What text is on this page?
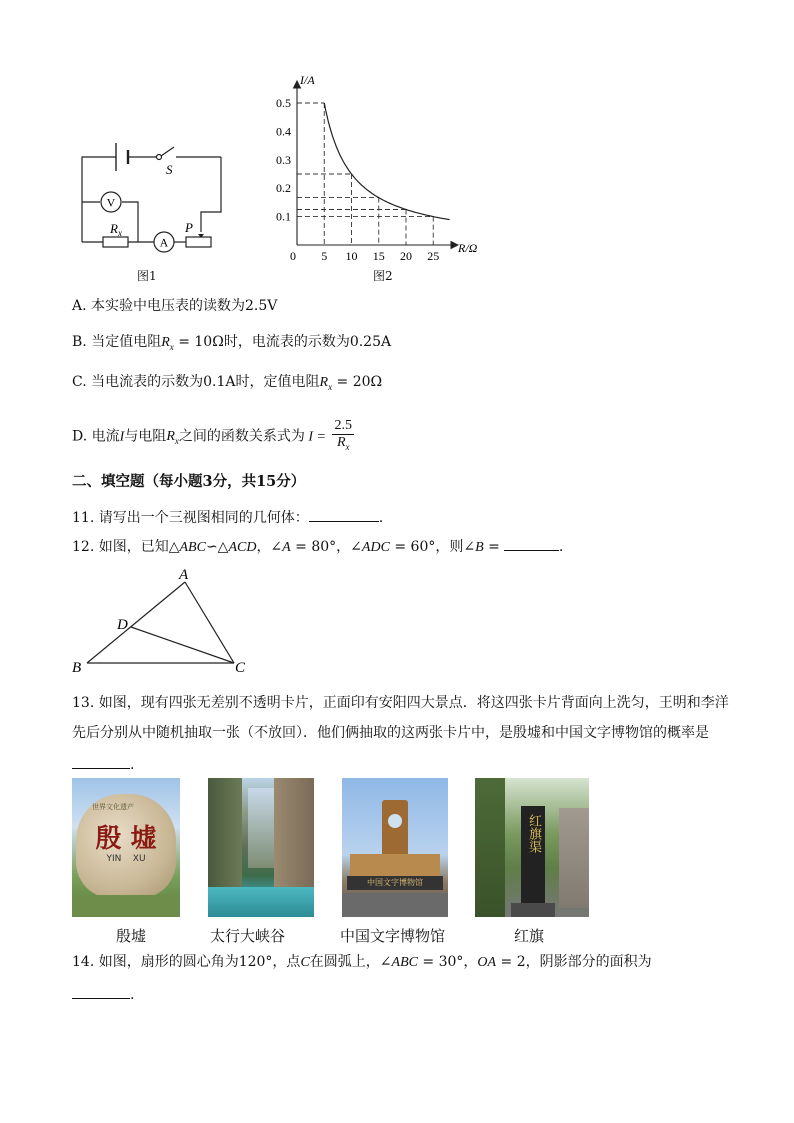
V
A
S
$R_x$	P
图1
0 5 10 15 20 25
0.1
0.2
0.3
0.4
0.5
I/A
R/Ω
图2
A. 本实验中电压表的读数为2.5V
B. 当定值电阻$R_x = 10\Omega$时，电流表的示数为0.25A
C. 当电流表的示数为0.1A时，定值电阻$R_x = 20\Omega$
D. 电流I与电阻$R_x$之间的函数关系式为 $I = \frac{2.5}{R_x}$
二、填空题（每小题3分，共15分）
11. 请写出一个三视图相同的几何体：	.
12. 如图，已知△ABC∽△ACD，∠A = 80°，∠ADC = 60°，则∠B =	.
A
D
B	C
13. 如图，现有四张无差别不透明卡片，正面印有安阳四大景点．将这四张卡片背面向上洗匀，王明和李洋
先后分别从中随机抽取一张（不放回）．他们俩抽取的这两张卡片中，是殷墟和中国文字博物馆的概率是
.
世界文化遗产
殷 墟
YIN    XU
殷墟	太行大峡谷
中国文字博物馆
中国文字博物馆
红旗渠
红旗
14. 如图，扇形的圆心角为120°，点C在圆弧上，∠ABC = 30°，OA = 2，阴影部分的面积为
.
